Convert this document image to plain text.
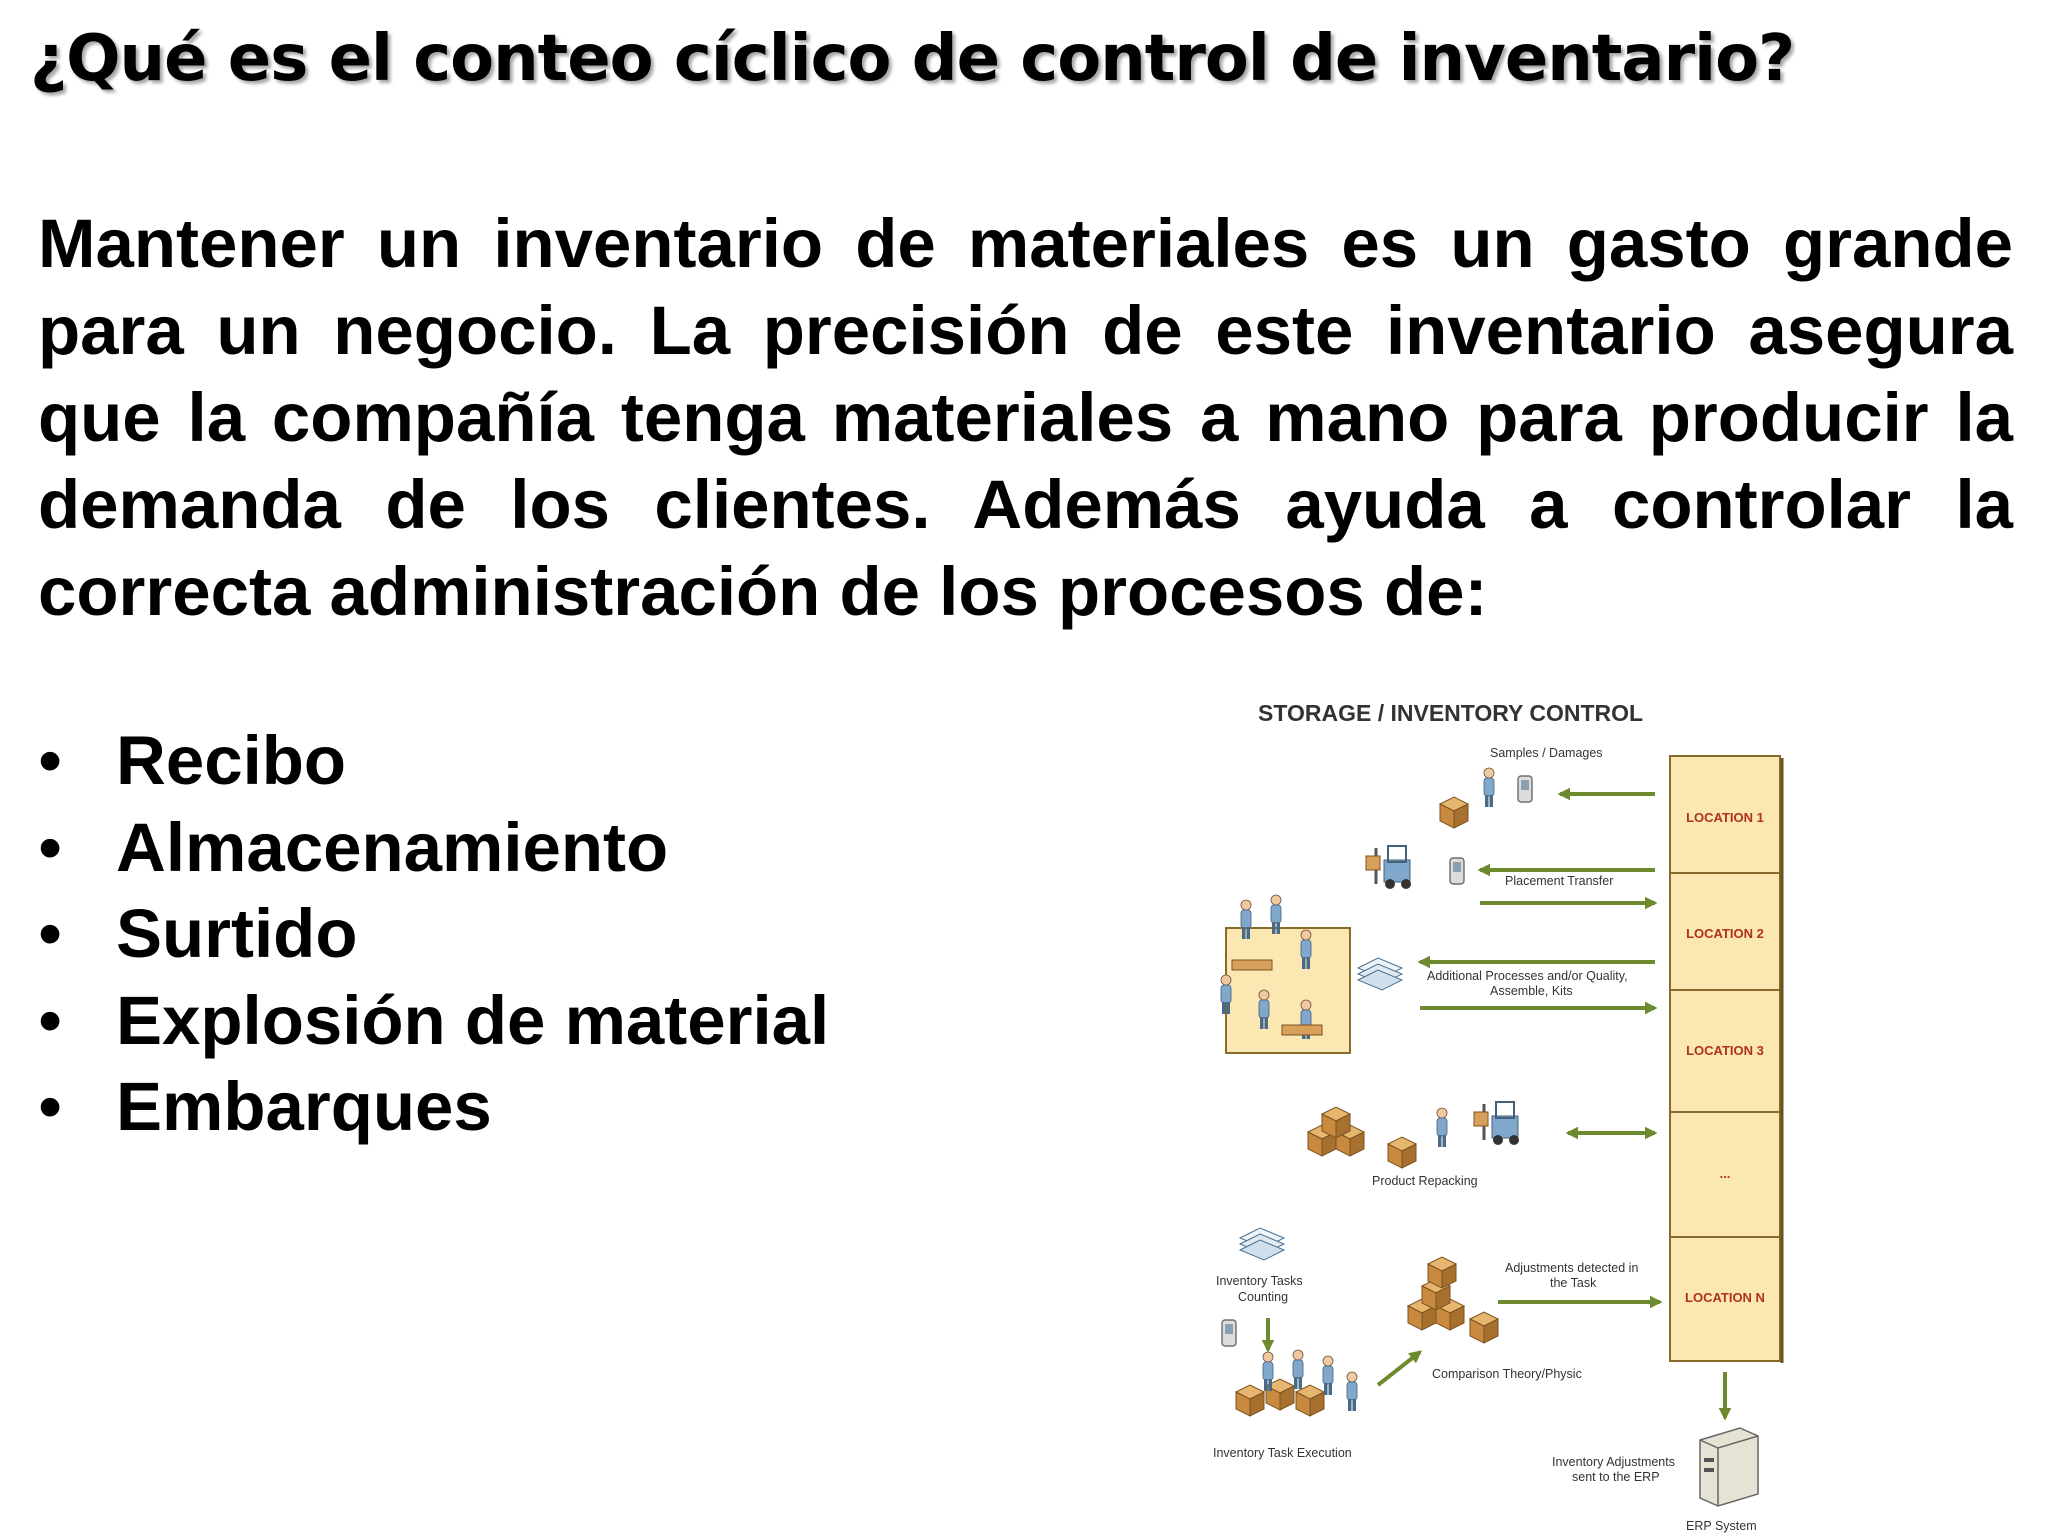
¿Qué es el conteo cíclico de control de inventario?

Mantener un inventario de materiales es un gasto grande para un negocio. La precisión de este inventario asegura que la compañía tenga materiales a mano para producir la demanda de los clientes. Además ayuda a controlar la correcta administración de los procesos de:

• Recibo
• Almacenamiento
• Surtido
• Explosión de material
• Embarques
STORAGE / INVENTORY CONTROL
LOCATION 1
LOCATION 2
LOCATION 3
...
LOCATION N
Samples / Damages
Placement Transfer
Additional Processes and/or Quality,
Assemble, Kits
Product Repacking
Inventory Tasks
Counting
Adjustments detected in
the Task
Comparison Theory/Physic
Inventory Task Execution
Inventory Adjustments
sent to the ERP
ERP System
